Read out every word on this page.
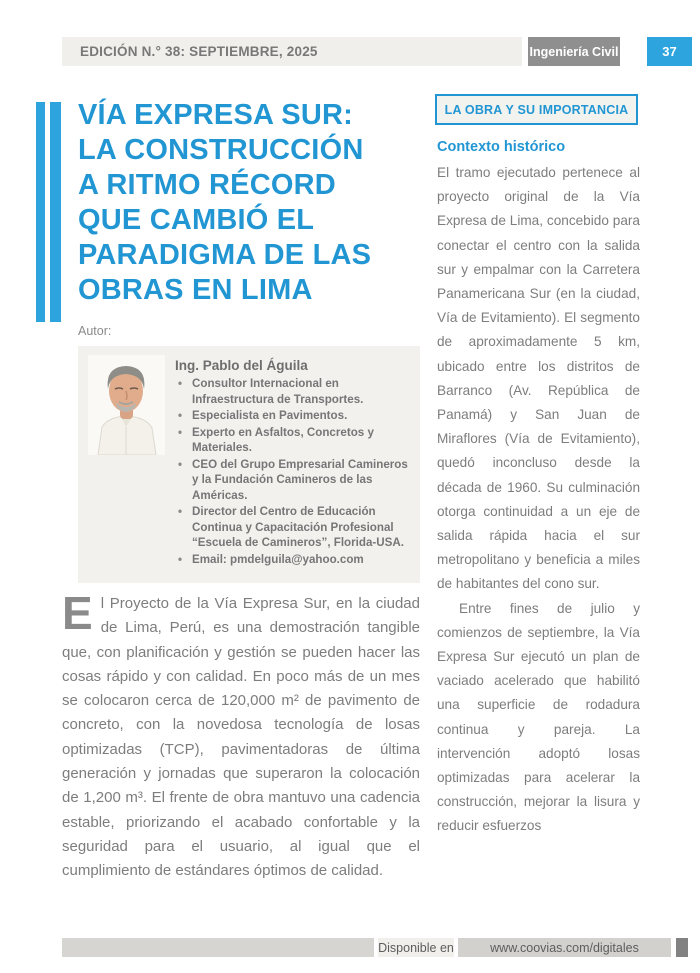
EDICIÓN N.° 38: SEPTIEMBRE, 2025	Ingeniería Civil	37
VÍA EXPRESA SUR:
LA CONSTRUCCIÓN
A RITMO RÉCORD
QUE CAMBIÓ EL
PARADIGMA DE LAS
OBRAS EN LIMA
Autor:
Ing. Pablo del Águila
• Consultor Internacional en Infraestructura de Transportes.
• Especialista en Pavimentos.
• Experto en Asfaltos, Concretos y Materiales.
• CEO del Grupo Empresarial Camineros y la Fundación Camineros de las Américas.
• Director del Centro de Educación Continua y Capacitación Profesional “Escuela de Camineros”, Florida-USA.
• Email: pmdelguila@yahoo.com

El Proyecto de la Vía Expresa Sur, en la ciudad de Lima, Perú, es una demostración tangible que, con planificación y gestión se pueden hacer las cosas rápido y con calidad. En poco más de un mes se colocaron cerca de 120,000 m² de pavimento de concreto, con la novedosa tecnología de losas optimizadas (TCP), pavimentadoras de última generación y jornadas que superaron la colocación de 1,200 m³. El frente de obra mantuvo una cadencia estable, priorizando el acabado confortable y la seguridad para el usuario, al igual que el cumplimiento de estándares óptimos de calidad.

LA OBRA Y SU IMPORTANCIA
Contexto histórico

El tramo ejecutado pertenece al proyecto original de la Vía Expresa de Lima, concebido para conectar el centro con la salida sur y empalmar con la Carretera Panamericana Sur (en la ciudad, Vía de Evitamiento). El segmento de aproximadamente 5 km, ubicado entre los distritos de Barranco (Av. República de Panamá) y San Juan de Miraflores (Vía de Evitamiento), quedó inconcluso desde la década de 1960. Su culminación otorga continuidad a un eje de salida rápida hacia el sur metropolitano y beneficia a miles de habitantes del cono sur.

Entre fines de julio y comienzos de septiembre, la Vía Expresa Sur ejecutó un plan de vaciado acelerado que habilitó una superficie de rodadura continua y pareja. La intervención adoptó losas optimizadas para acelerar la construcción, mejorar la lisura y reducir esfuerzos

Disponible en	www.coovias.com/digitales
